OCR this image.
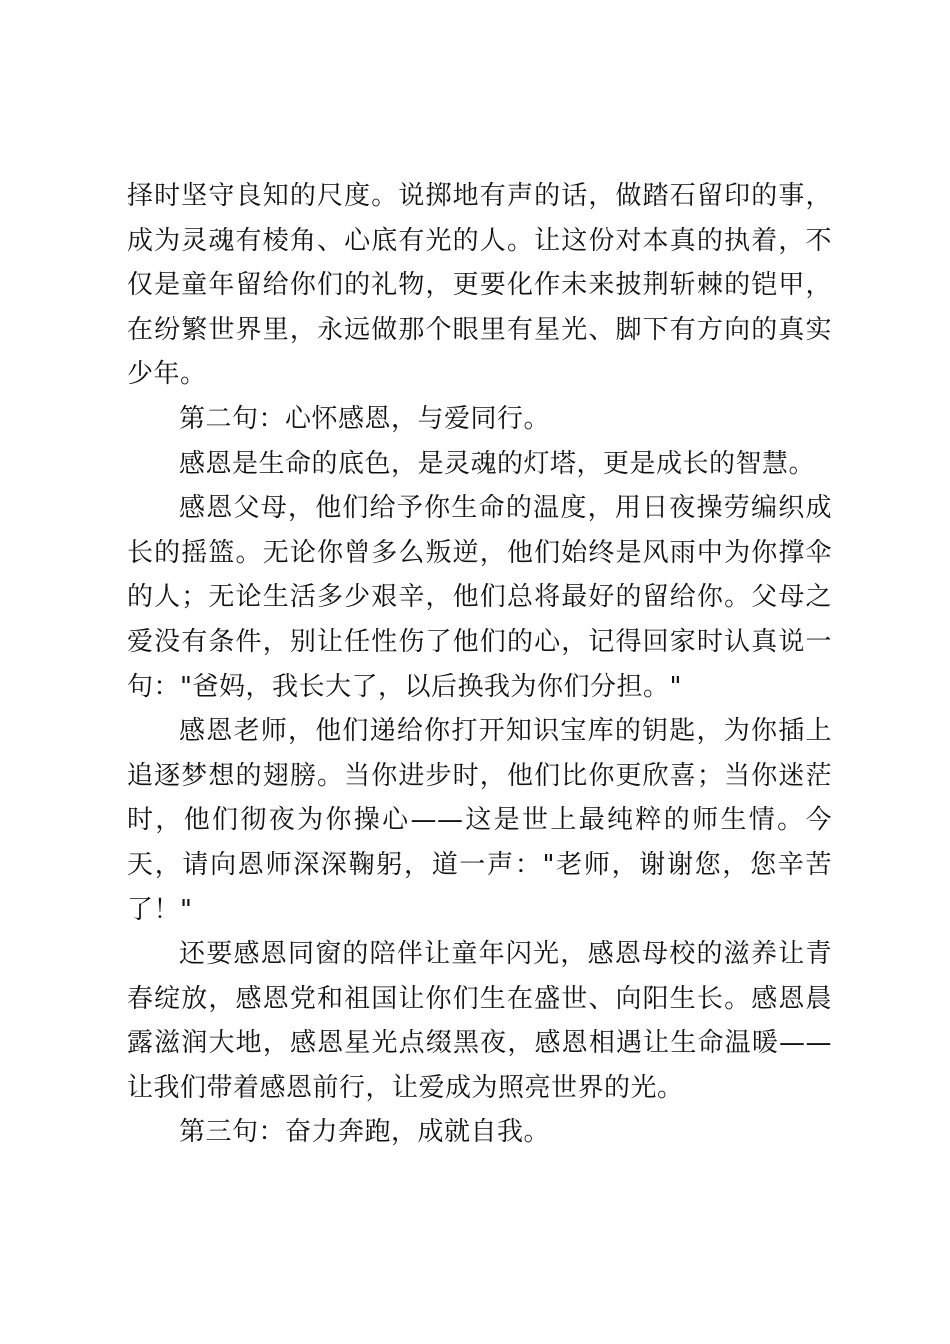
择时坚守良知的尺度。说掷地有声的话，做踏石留印的事，成为灵魂有棱角、心底有光的人。让这份对本真的执着，不仅是童年留给你们的礼物，更要化作未来披荆斩棘的铠甲，在纷繁世界里，永远做那个眼里有星光、脚下有方向的真实少年。

第二句：心怀感恩，与爱同行。

感恩是生命的底色，是灵魂的灯塔，更是成长的智慧。

感恩父母，他们给予你生命的温度，用日夜操劳编织成长的摇篮。无论你曾多么叛逆，他们始终是风雨中为你撑伞的人；无论生活多少艰辛，他们总将最好的留给你。父母之爱没有条件，别让任性伤了他们的心，记得回家时认真说一句："爸妈，我长大了，以后换我为你们分担。"

感恩老师，他们递给你打开知识宝库的钥匙，为你插上追逐梦想的翅膀。当你进步时，他们比你更欣喜；当你迷茫时，他们彻夜为你操心——这是世上最纯粹的师生情。今天，请向恩师深深鞠躬，道一声："老师，谢谢您，您辛苦了！"

还要感恩同窗的陪伴让童年闪光，感恩母校的滋养让青春绽放，感恩党和祖国让你们生在盛世、向阳生长。感恩晨露滋润大地，感恩星光点缀黑夜，感恩相遇让生命温暖——让我们带着感恩前行，让爱成为照亮世界的光。

第三句：奋力奔跑，成就自我。
